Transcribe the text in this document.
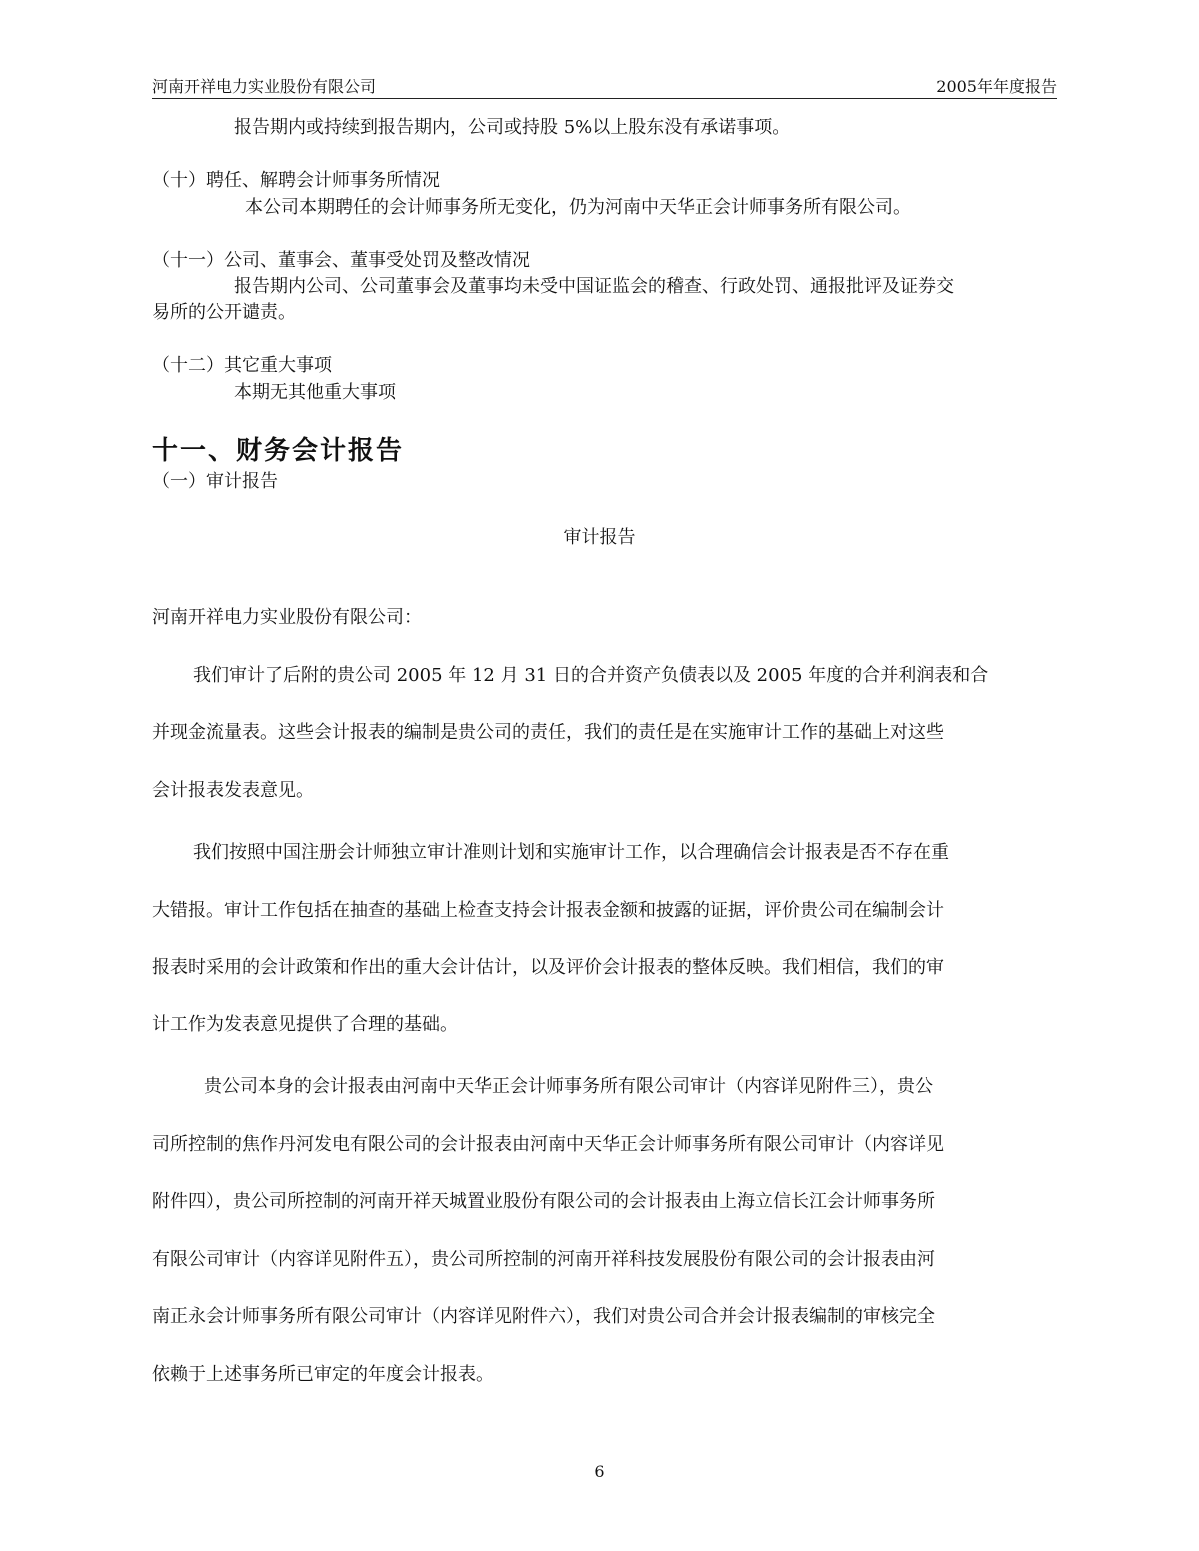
河南开祥电力实业股份有限公司	2005年年度报告
报告期内或持续到报告期内，公司或持股 5%以上股东没有承诺事项。
（十）聘任、解聘会计师事务所情况
本公司本期聘任的会计师事务所无变化，仍为河南中天华正会计师事务所有限公司。
（十一）公司、董事会、董事受处罚及整改情况
报告期内公司、公司董事会及董事均未受中国证监会的稽查、行政处罚、通报批评及证券交
易所的公开谴责。
（十二）其它重大事项
本期无其他重大事项
十一、财务会计报告
（一）审计报告
审计报告
河南开祥电力实业股份有限公司：
我们审计了后附的贵公司 2005 年 12 月 31 日的合并资产负债表以及 2005 年度的合并利润表和合
并现金流量表。这些会计报表的编制是贵公司的责任，我们的责任是在实施审计工作的基础上对这些
会计报表发表意见。
我们按照中国注册会计师独立审计准则计划和实施审计工作，以合理确信会计报表是否不存在重
大错报。审计工作包括在抽查的基础上检查支持会计报表金额和披露的证据，评价贵公司在编制会计
报表时采用的会计政策和作出的重大会计估计，以及评价会计报表的整体反映。我们相信，我们的审
计工作为发表意见提供了合理的基础。
贵公司本身的会计报表由河南中天华正会计师事务所有限公司审计（内容详见附件三），贵公
司所控制的焦作丹河发电有限公司的会计报表由河南中天华正会计师事务所有限公司审计（内容详见
附件四），贵公司所控制的河南开祥天城置业股份有限公司的会计报表由上海立信长江会计师事务所
有限公司审计（内容详见附件五），贵公司所控制的河南开祥科技发展股份有限公司的会计报表由河
南正永会计师事务所有限公司审计（内容详见附件六），我们对贵公司合并会计报表编制的审核完全
依赖于上述事务所已审定的年度会计报表。
6
